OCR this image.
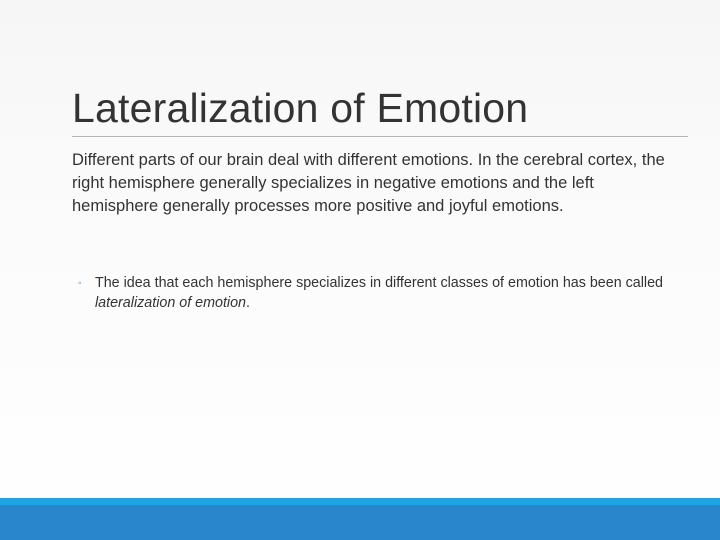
Lateralization of Emotion
Different parts of our brain deal with different emotions. In the cerebral cortex, the right hemisphere generally specializes in negative emotions and the left hemisphere generally processes more positive and joyful emotions.
◦ The idea that each hemisphere specializes in different classes of emotion has been called lateralization of emotion.
